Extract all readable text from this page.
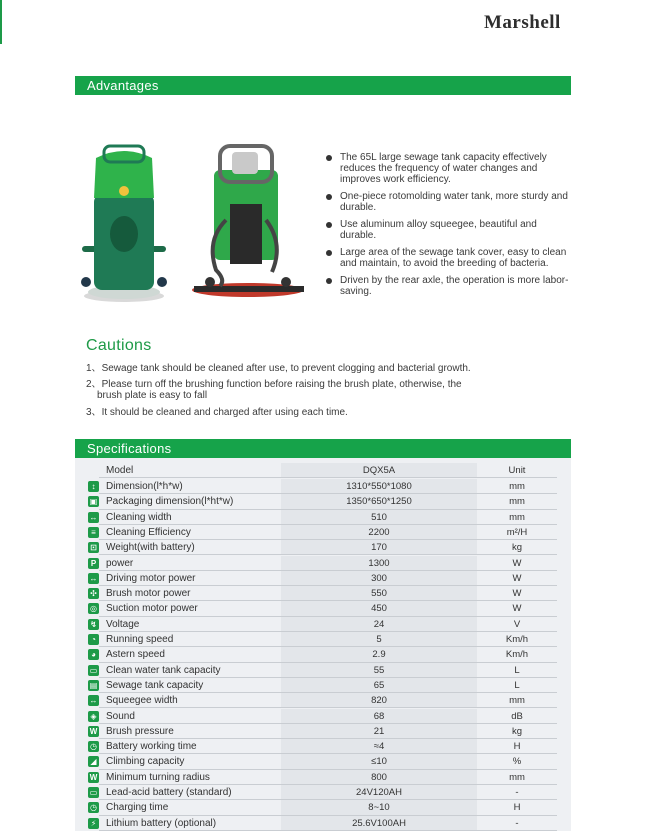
Marshell
Advantages
The 65L large sewage tank capacity effectively reduces the frequency of water changes and improves work efficiency.
One-piece rotomolding water tank, more sturdy and durable.
Use aluminum alloy squeegee, beautiful and durable.
Large area of the sewage tank cover, easy to clean and maintain, to avoid the breeding of bacteria.
Driven by the rear axle, the operation is more labor-saving.
Cautions
1、Sewage tank should be cleaned after use, to prevent clogging and bacterial growth.
2、Please turn off the brushing function before raising the brush plate, otherwise, the
brush plate is easy to fall
3、It should be cleaned and charged after using each time.
Specifications
Model	DQX5A	Unit
↕	Dimension(l*h*w)	1310*550*1080	mm
▣ Packaging dimension(l*ht*w)	1350*650*1250	mm
↔ Cleaning width	510	mm
≡	Cleaning Efficiency	2200	m²/H
⊡ Weight(with battery)	170	kg
P power	1300	W
↔ Driving motor power	300	W
✣ Brush motor power	550	W
◎ Suction motor power	450	W
↯ Voltage	24	V
◔	Running speed	5	Km/h
◕	Astern speed	2.9	Km/h
▭ Clean water tank capacity	55	L
▤ Sewage tank capacity	65	L
↔ Squeegee width	820	mm
◈ Sound	68	dB
W Brush pressure	21	kg
◷ Battery working time	≈4	H
◢ Climbing capacity	≤10	%
W Minimum turning radius	800	mm
▭ Lead-acid battery (standard)	24V120AH	-
◷ Charging time	8~10	H
⚡ Lithium battery (optional)	25.6V100AH	-
